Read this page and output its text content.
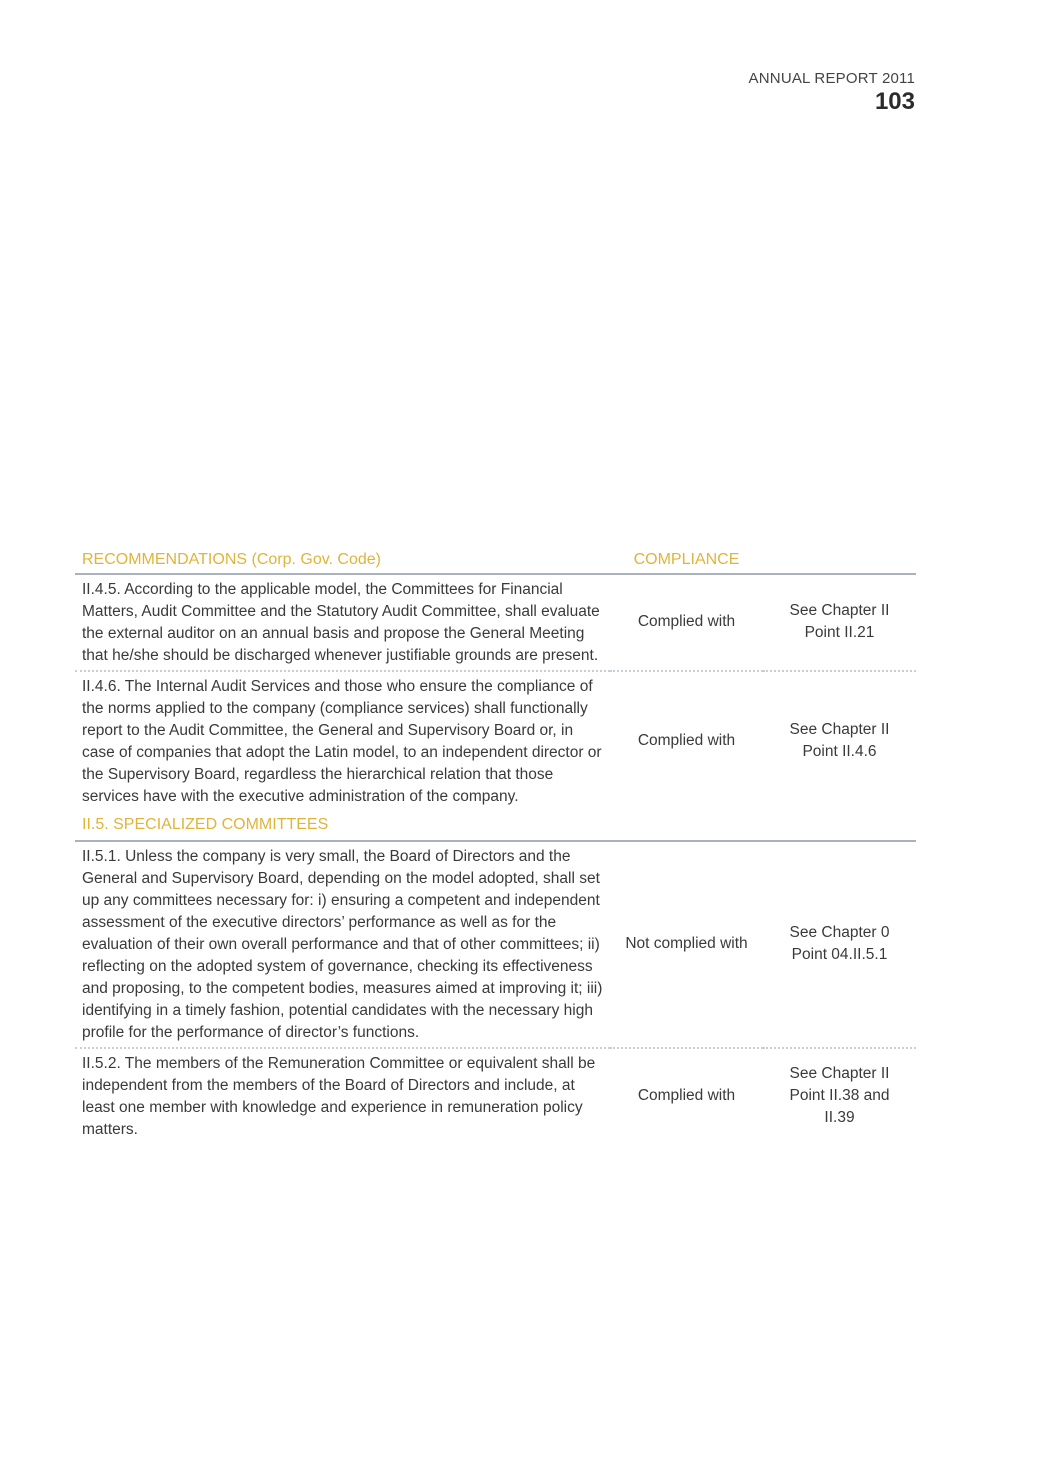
ANNUAL REPORT 2011
103
RECOMMENDATIONS (Corp. Gov. Code)	COMPLIANCE	
II.4.5. According to the applicable model, the Committees for Financial Matters, Audit Committee and the Statutory Audit Committee, shall evaluate the external auditor on an annual basis and propose the General Meeting that he/she should be discharged whenever justifiable grounds are present.	Complied with	See Chapter II Point II.21
II.4.6. The Internal Audit Services and those who ensure the compliance of the norms applied to the company (compliance services) shall functionally report to the Audit Committee, the General and Supervisory Board or, in case of companies that adopt the Latin model, to an independent director or the Supervisory Board, regardless the hierarchical relation that those services have with the executive administration of the company.	Complied with	See Chapter II Point II.4.6
II.5. SPECIALIZED COMMITTEES		
II.5.1. Unless the company is very small, the Board of Directors and the General and Supervisory Board, depending on the model adopted, shall set up any committees necessary for: i) ensuring a competent and independent assessment of the executive directors’ performance as well as for the evaluation of their own overall performance and that of other committees; ii) reflecting on the adopted system of governance, checking its effectiveness and proposing, to the competent bodies, measures aimed at improving it; iii) identifying in a timely fashion, potential candidates with the necessary high profile for the performance of director’s functions.	Not complied with	See Chapter 0 Point 04.II.5.1
II.5.2. The members of the Remuneration Committee or equivalent shall be independent from the members of the Board of Directors and include, at least one member with knowledge and experience in remuneration policy matters.	Complied with	See Chapter II Point II.38 and II.39
